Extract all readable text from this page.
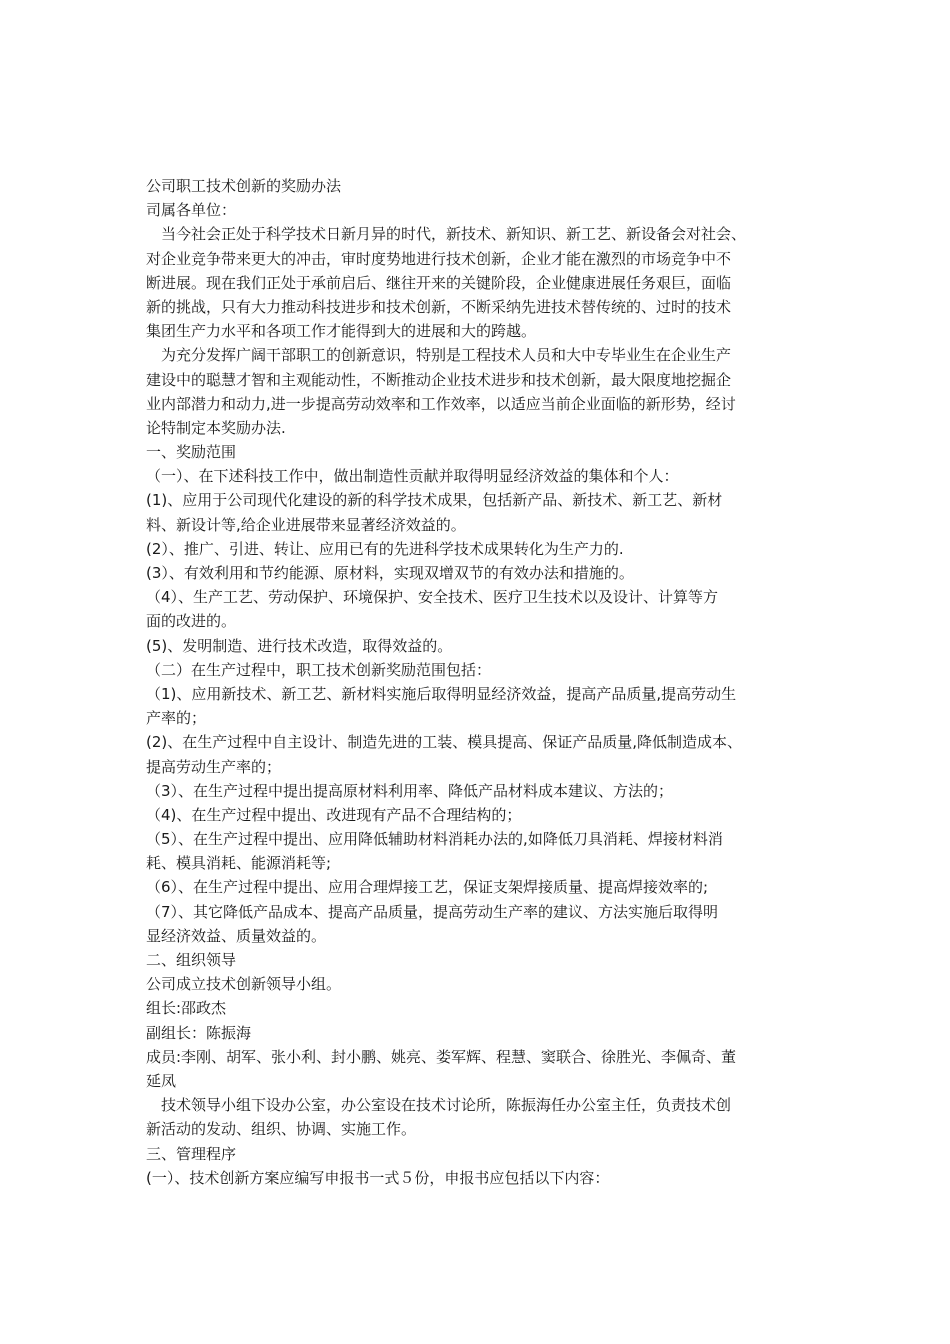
公司职工技术创新的奖励办法
司属各单位：
　当今社会正处于科学技术日新月异的时代，新技术、新知识、新工艺、新设备会对社会、
对企业竞争带来更大的冲击，审时度势地进行技术创新，企业才能在激烈的市场竞争中不
断进展。现在我们正处于承前启后、继往开来的关键阶段，企业健康进展任务艰巨，面临
新的挑战，只有大力推动科技进步和技术创新，不断采纳先进技术替传统的、过时的技术
集团生产力水平和各项工作才能得到大的进展和大的跨越。
　为充分发挥广阔干部职工的创新意识，特别是工程技术人员和大中专毕业生在企业生产
建设中的聪慧才智和主观能动性，不断推动企业技术进步和技术创新，最大限度地挖掘企
业内部潜力和动力,进一步提高劳动效率和工作效率，以适应当前企业面临的新形势，经讨
论特制定本奖励办法.
一、奖励范围
（一）、在下述科技工作中，做出制造性贡献并取得明显经济效益的集体和个人：
(1)、应用于公司现代化建设的新的科学技术成果，包括新产品、新技术、新工艺、新材
料、新设计等,给企业进展带来显著经济效益的。
(2）、推广、引进、转让、应用已有的先进科学技术成果转化为生产力的.
(3）、有效利用和节约能源、原材料，实现双增双节的有效办法和措施的。
（4）、生产工艺、劳动保护、环境保护、安全技术、医疗卫生技术以及设计、计算等方
面的改进的。
(5)、发明制造、进行技术改造，取得效益的。
（二）在生产过程中，职工技术创新奖励范围包括：
（1)、应用新技术、新工艺、新材料实施后取得明显经济效益，提高产品质量,提高劳动生
产率的；
(2)、在生产过程中自主设计、制造先进的工装、模具提高、保证产品质量,降低制造成本、
提高劳动生产率的；
（3）、在生产过程中提出提高原材料利用率、降低产品材料成本建议、方法的；
（4)、在生产过程中提出、改进现有产品不合理结构的；
（5）、在生产过程中提出、应用降低辅助材料消耗办法的,如降低刀具消耗、焊接材料消
耗、模具消耗、能源消耗等;
（6）、在生产过程中提出、应用合理焊接工艺，保证支架焊接质量、提高焊接效率的;
（7）、其它降低产品成本、提高产品质量，提高劳动生产率的建议、方法实施后取得明
显经济效益、质量效益的。
二、组织领导
公司成立技术创新领导小组。
组长:邵政杰
副组长：陈振海
成员:李刚、胡军、张小利、封小鹏、姚亮、娄军辉、程慧、窦联合、徐胜光、李佩奇、董
延凤
　技术领导小组下设办公室，办公室设在技术讨论所，陈振海任办公室主任，负责技术创
新活动的发动、组织、协调、实施工作。
三、管理程序
(一）、技术创新方案应编写申报书一式５份，申报书应包括以下内容：
